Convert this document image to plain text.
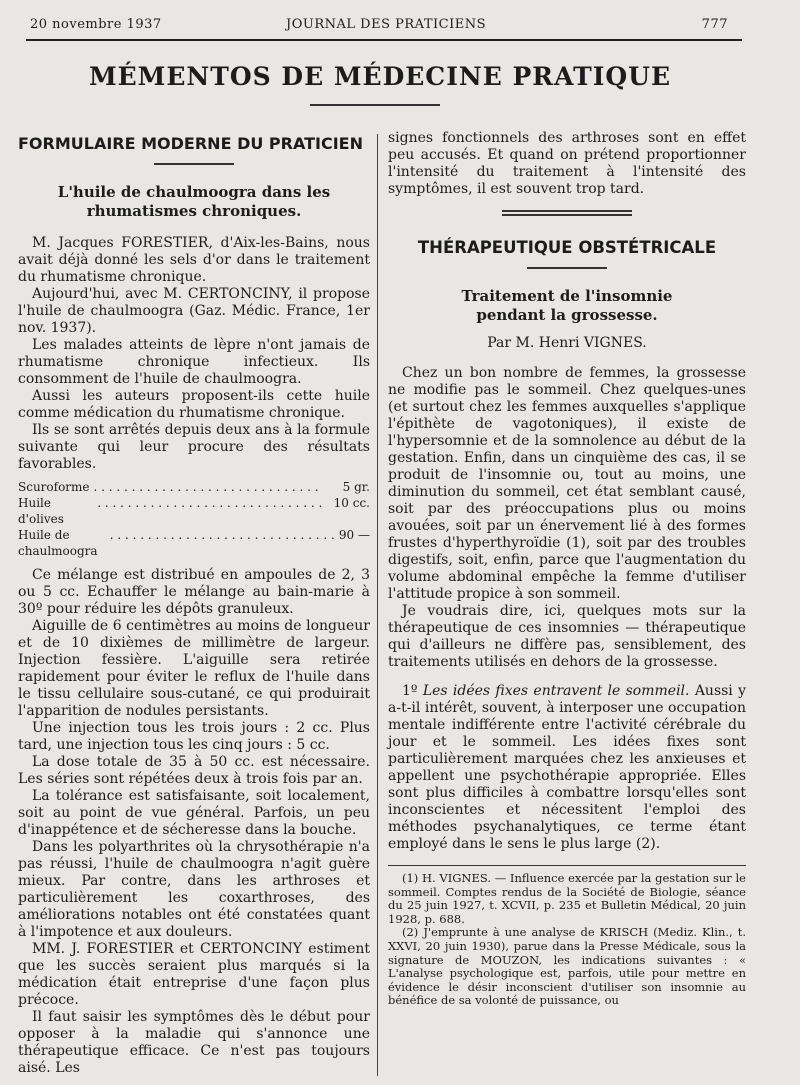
20 novembre 1937	JOURNAL DES PRATICIENS	777
MÉMENTOS DE MÉDECINE PRATIQUE

FORMULAIRE MODERNE DU PRATICIEN

L'huile de chaulmoogra dans les rhumatismes chroniques.

M. Jacques FORESTIER, d'Aix-les-Bains, nous avait déjà donné les sels d'or dans le traitement du rhumatisme chronique.

Aujourd'hui, avec M. CERTONCINY, il propose l'huile de chaulmoogra (Gaz. Médic. France, 1er nov. 1937).

Les malades atteints de lèpre n'ont jamais de rhumatisme chronique infectieux. Ils consomment de l'huile de chaulmoogra.

Aussi les auteurs proposent-ils cette huile comme médication du rhumatisme chronique.

Ils se sont arrêtés depuis deux ans à la formule suivante qui leur procure des résultats favorables.

Scuroforme . . . . . . . . . . . . . . . . . . . . . . . . . . . . . .	5 gr.
Huile d'olives
. . . . . . . . . . . . . . . . . . . . . . . . . . . . . . 10 cc.
Huile de chaulmoogra
. . . . . . . . . . . . . . . . . . . . . . . . . . . . . . 90 —

Ce mélange est distribué en ampoules de 2, 3 ou 5 cc. Echauffer le mélange au bain-marie à 30º pour réduire les dépôts granuleux.

Aiguille de 6 centimètres au moins de longueur et de 10 dixièmes de millimètre de largeur. Injection fessière. L'aiguille sera retirée rapidement pour éviter le reflux de l'huile dans le tissu cellulaire sous-cutané, ce qui produirait l'apparition de nodules persistants.

Une injection tous les trois jours : 2 cc. Plus tard, une injection tous les cinq jours : 5 cc.

La dose totale de 35 à 50 cc. est nécessaire. Les séries sont répétées deux à trois fois par an.

La tolérance est satisfaisante, soit localement, soit au point de vue général. Parfois, un peu d'inappétence et de sécheresse dans la bouche.

Dans les polyarthrites où la chrysothérapie n'a pas réussi, l'huile de chaulmoogra n'agit guère mieux. Par contre, dans les arthroses et particulièrement les coxarthroses, des améliorations notables ont été constatées quant à l'impotence et aux douleurs.

MM. J. FORESTIER et CERTONCINY estiment que les succès seraient plus marqués si la médication était entreprise d'une façon plus précoce.

Il faut saisir les symptômes dès le début pour opposer à la maladie qui s'annonce une thérapeutique efficace. Ce n'est pas toujours aisé. Les

signes fonctionnels des arthroses sont en effet peu accusés. Et quand on prétend proportionner l'intensité du traitement à l'intensité des symptômes, il est souvent trop tard.

THÉRAPEUTIQUE OBSTÉTRICALE

Traitement de l'insomnie

pendant la grossesse.

Par M. Henri VIGNES.

Chez un bon nombre de femmes, la grossesse ne modifie pas le sommeil. Chez quelques-unes (et surtout chez les femmes auxquelles s'applique l'épithète de vagotoniques), il existe de l'hypersomnie et de la somnolence au début de la gestation. Enfin, dans un cinquième des cas, il se produit de l'insomnie ou, tout au moins, une diminution du sommeil, cet état semblant causé, soit par des préoccupations plus ou moins avouées, soit par un énervement lié à des formes frustes d'hyperthyroïdie (1), soit par des troubles digestifs, soit, enfin, parce que l'augmentation du volume abdominal empêche la femme d'utiliser l'attitude propice à son sommeil.

Je voudrais dire, ici, quelques mots sur la thérapeutique de ces insomnies — thérapeutique qui d'ailleurs ne diffère pas, sensiblement, des traitements utilisés en dehors de la grossesse.

1º Les idées fixes entravent le sommeil. Aussi y a-t-il intérêt, souvent, à interposer une occupation mentale indifférente entre l'activité cérébrale du jour et le sommeil. Les idées fixes sont particulièrement marquées chez les anxieuses et appellent une psychothérapie appropriée. Elles sont plus difficiles à combattre lorsqu'elles sont inconscientes et nécessitent l'emploi des méthodes psychanalytiques, ce terme étant employé dans le sens le plus large (2).

(1) H. VIGNES. — Influence exercée par la gestation sur le sommeil. Comptes rendus de la Société de Biologie, séance du 25 juin 1927, t. XCVII, p. 235 et Bulletin Médical, 20 juin 1928, p. 688.

(2) J'emprunte à une analyse de KRISCH (Mediz. Klin., t. XXVI, 20 juin 1930), parue dans la Presse Médicale, sous la signature de MOUZON, les indications suivantes : « L'analyse psychologique est, parfois, utile pour mettre en évidence le désir inconscient d'utiliser son insomnie au bénéfice de sa volonté de puissance, ou
